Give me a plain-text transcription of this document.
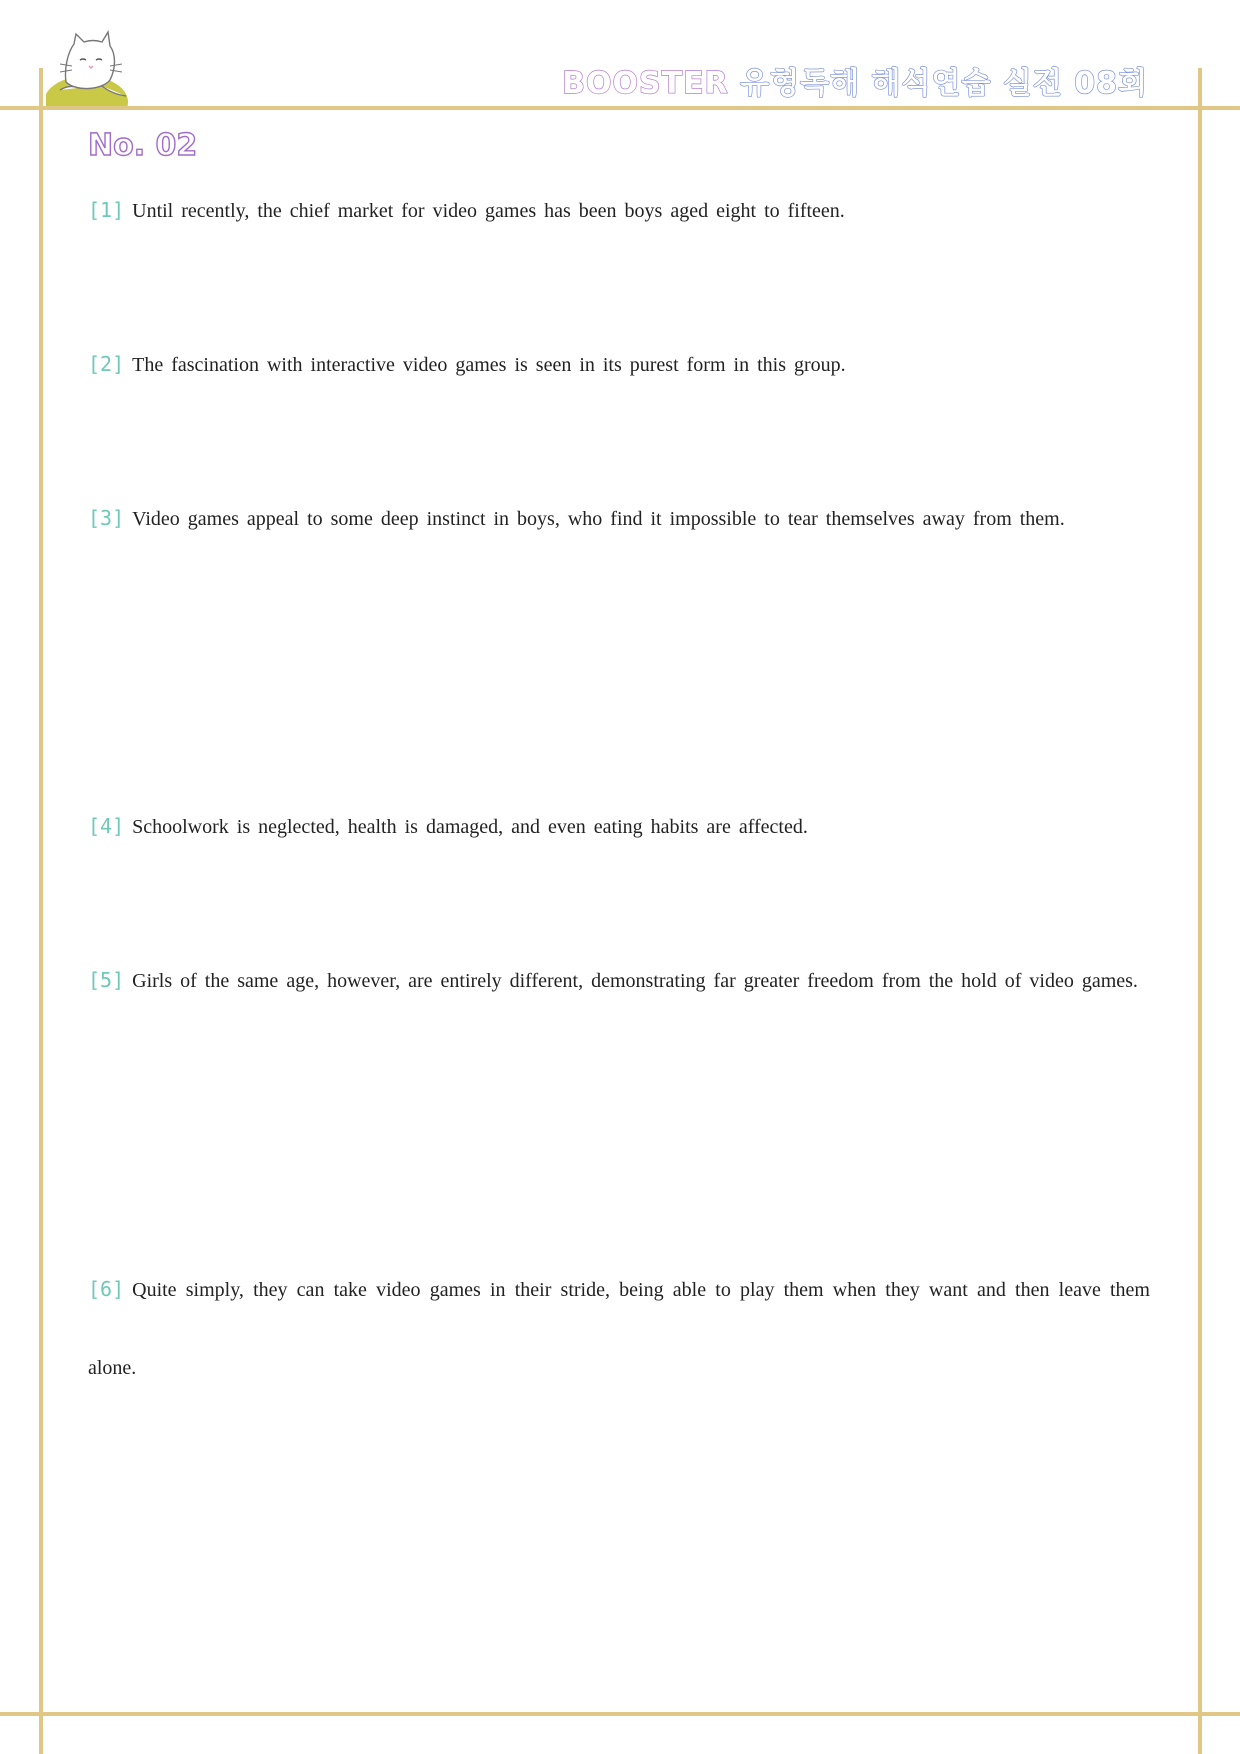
BOOSTER 유형독해 해석연습 실전 08회
No. 02
[1] Until recently, the chief market for video games has been boys aged eight to fifteen.
[2] The fascination with interactive video games is seen in its purest form in this group.
[3] Video games appeal to some deep instinct in boys, who find it impossible to tear themselves away from them.
[4] Schoolwork is neglected, health is damaged, and even eating habits are affected.
[5] Girls of the same age, however, are entirely different, demonstrating far greater freedom from the hold of video games.
[6] Quite simply, they can take video games in their stride, being able to play them when they want and then leave them alone.
